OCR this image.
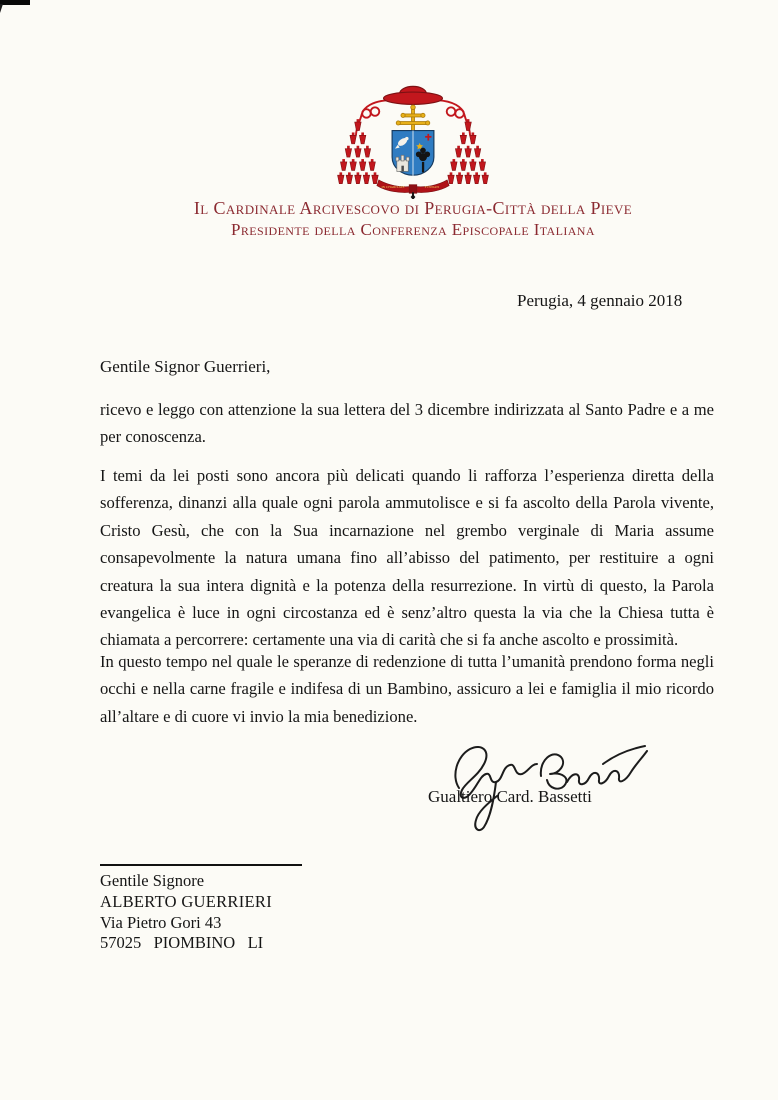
IN CHARITATE	FVNDATI
Il Cardinale Arcivescovo di Perugia-Città della Pieve
Presidente della Conferenza Episcopale Italiana
Perugia, 4 gennaio 2018
Gentile Signor Guerrieri,

ricevo e leggo con attenzione la sua lettera del 3 dicembre indirizzata al Santo Padre e a me per conoscenza.

I temi da lei posti sono ancora più delicati quando li rafforza l’esperienza diretta della sofferenza, dinanzi alla quale ogni parola ammutolisce e si fa ascolto della Parola vivente, Cristo Gesù, che con la Sua incarnazione nel grembo verginale di Maria assume consapevolmente la natura umana fino all’abisso del patimento, per restituire a ogni creatura la sua intera dignità e la potenza della resurrezione. In virtù di questo, la Parola evangelica è luce in ogni circostanza ed è senz’altro questa la via che la Chiesa tutta è chiamata a percorrere: certamente una via di carità che si fa anche ascolto e prossimità.

In questo tempo nel quale le speranze di redenzione di tutta l’umanità prendono forma negli occhi e nella carne fragile e indifesa di un Bambino, assicuro a lei e famiglia il mio ricordo all’altare e di cuore vi invio la mia benedizione.

Gualtiero Card. Bassetti
Gentile Signore
ALBERTO GUERRIERI
Via Pietro Gori 43
57025   PIOMBINO   LI
